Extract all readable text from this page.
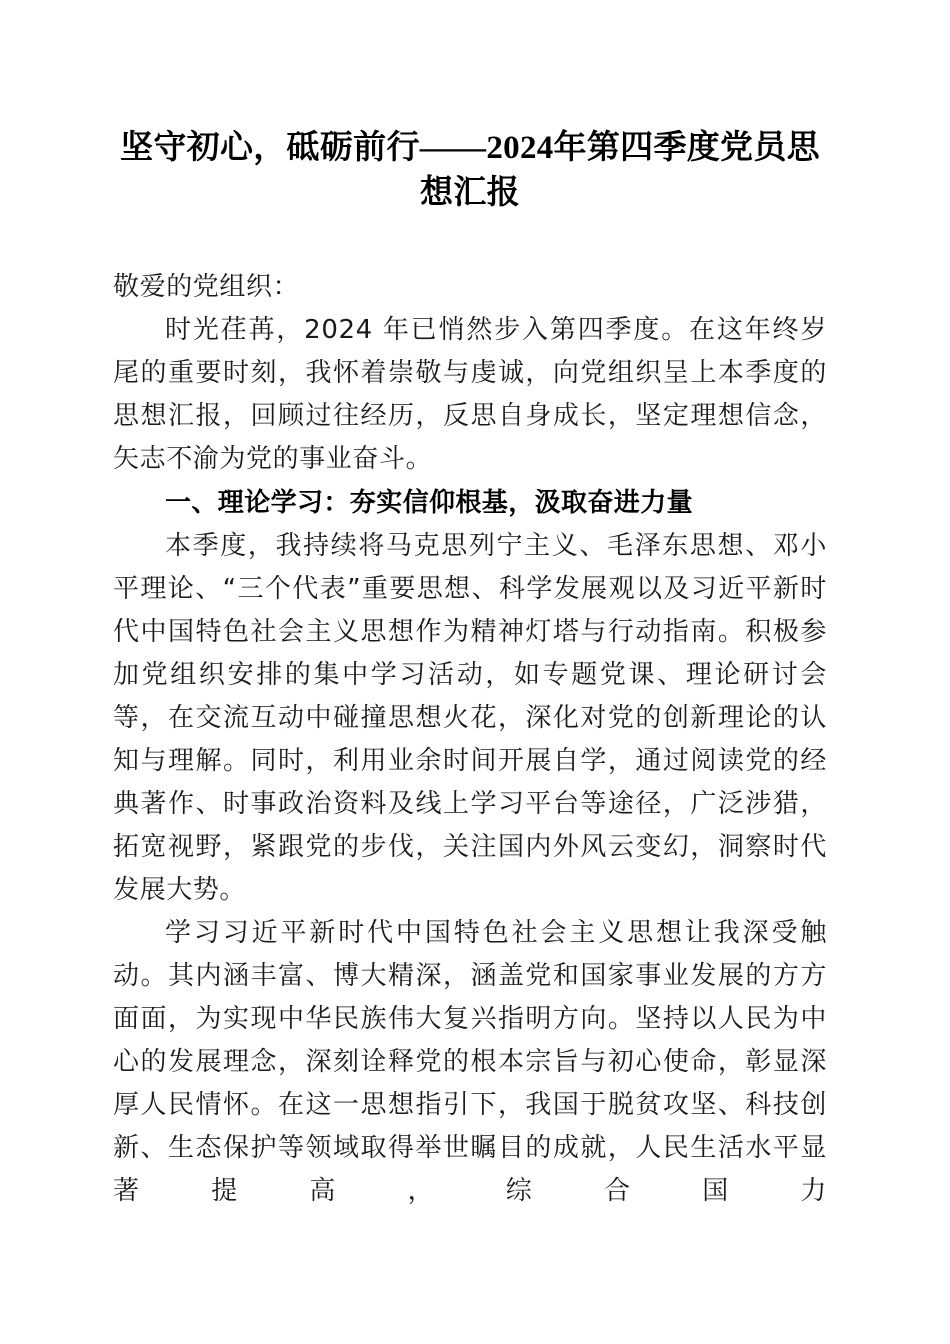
坚守初心，砥砺前行——2024年第四季度党员思想汇报

敬爱的党组织：

时光荏苒，2024 年已悄然步入第四季度。在这年终岁尾的重要时刻，我怀着崇敬与虔诚，向党组织呈上本季度的思想汇报，回顾过往经历，反思自身成长，坚定理想信念，矢志不渝为党的事业奋斗。

一、理论学习：夯实信仰根基，汲取奋进力量

本季度，我持续将马克思列宁主义、毛泽东思想、邓小平理论、“三个代表”重要思想、科学发展观以及习近平新时代中国特色社会主义思想作为精神灯塔与行动指南。积极参加党组织安排的集中学习活动，如专题党课、理论研讨会等，在交流互动中碰撞思想火花，深化对党的创新理论的认知与理解。同时，利用业余时间开展自学，通过阅读党的经典著作、时事政治资料及线上学习平台等途径，广泛涉猎，拓宽视野，紧跟党的步伐，关注国内外风云变幻，洞察时代发展大势。

学习习近平新时代中国特色社会主义思想让我深受触动。其内涵丰富、博大精深，涵盖党和国家事业发展的方方面面，为实现中华民族伟大复兴指明方向。坚持以人民为中心的发展理念，深刻诠释党的根本宗旨与初心使命，彰显深厚人民情怀。在这一思想指引下，我国于脱贫攻坚、科技创新、生态保护等领域取得举世瞩目的成就，人民生活水平显著提高，综合国力
